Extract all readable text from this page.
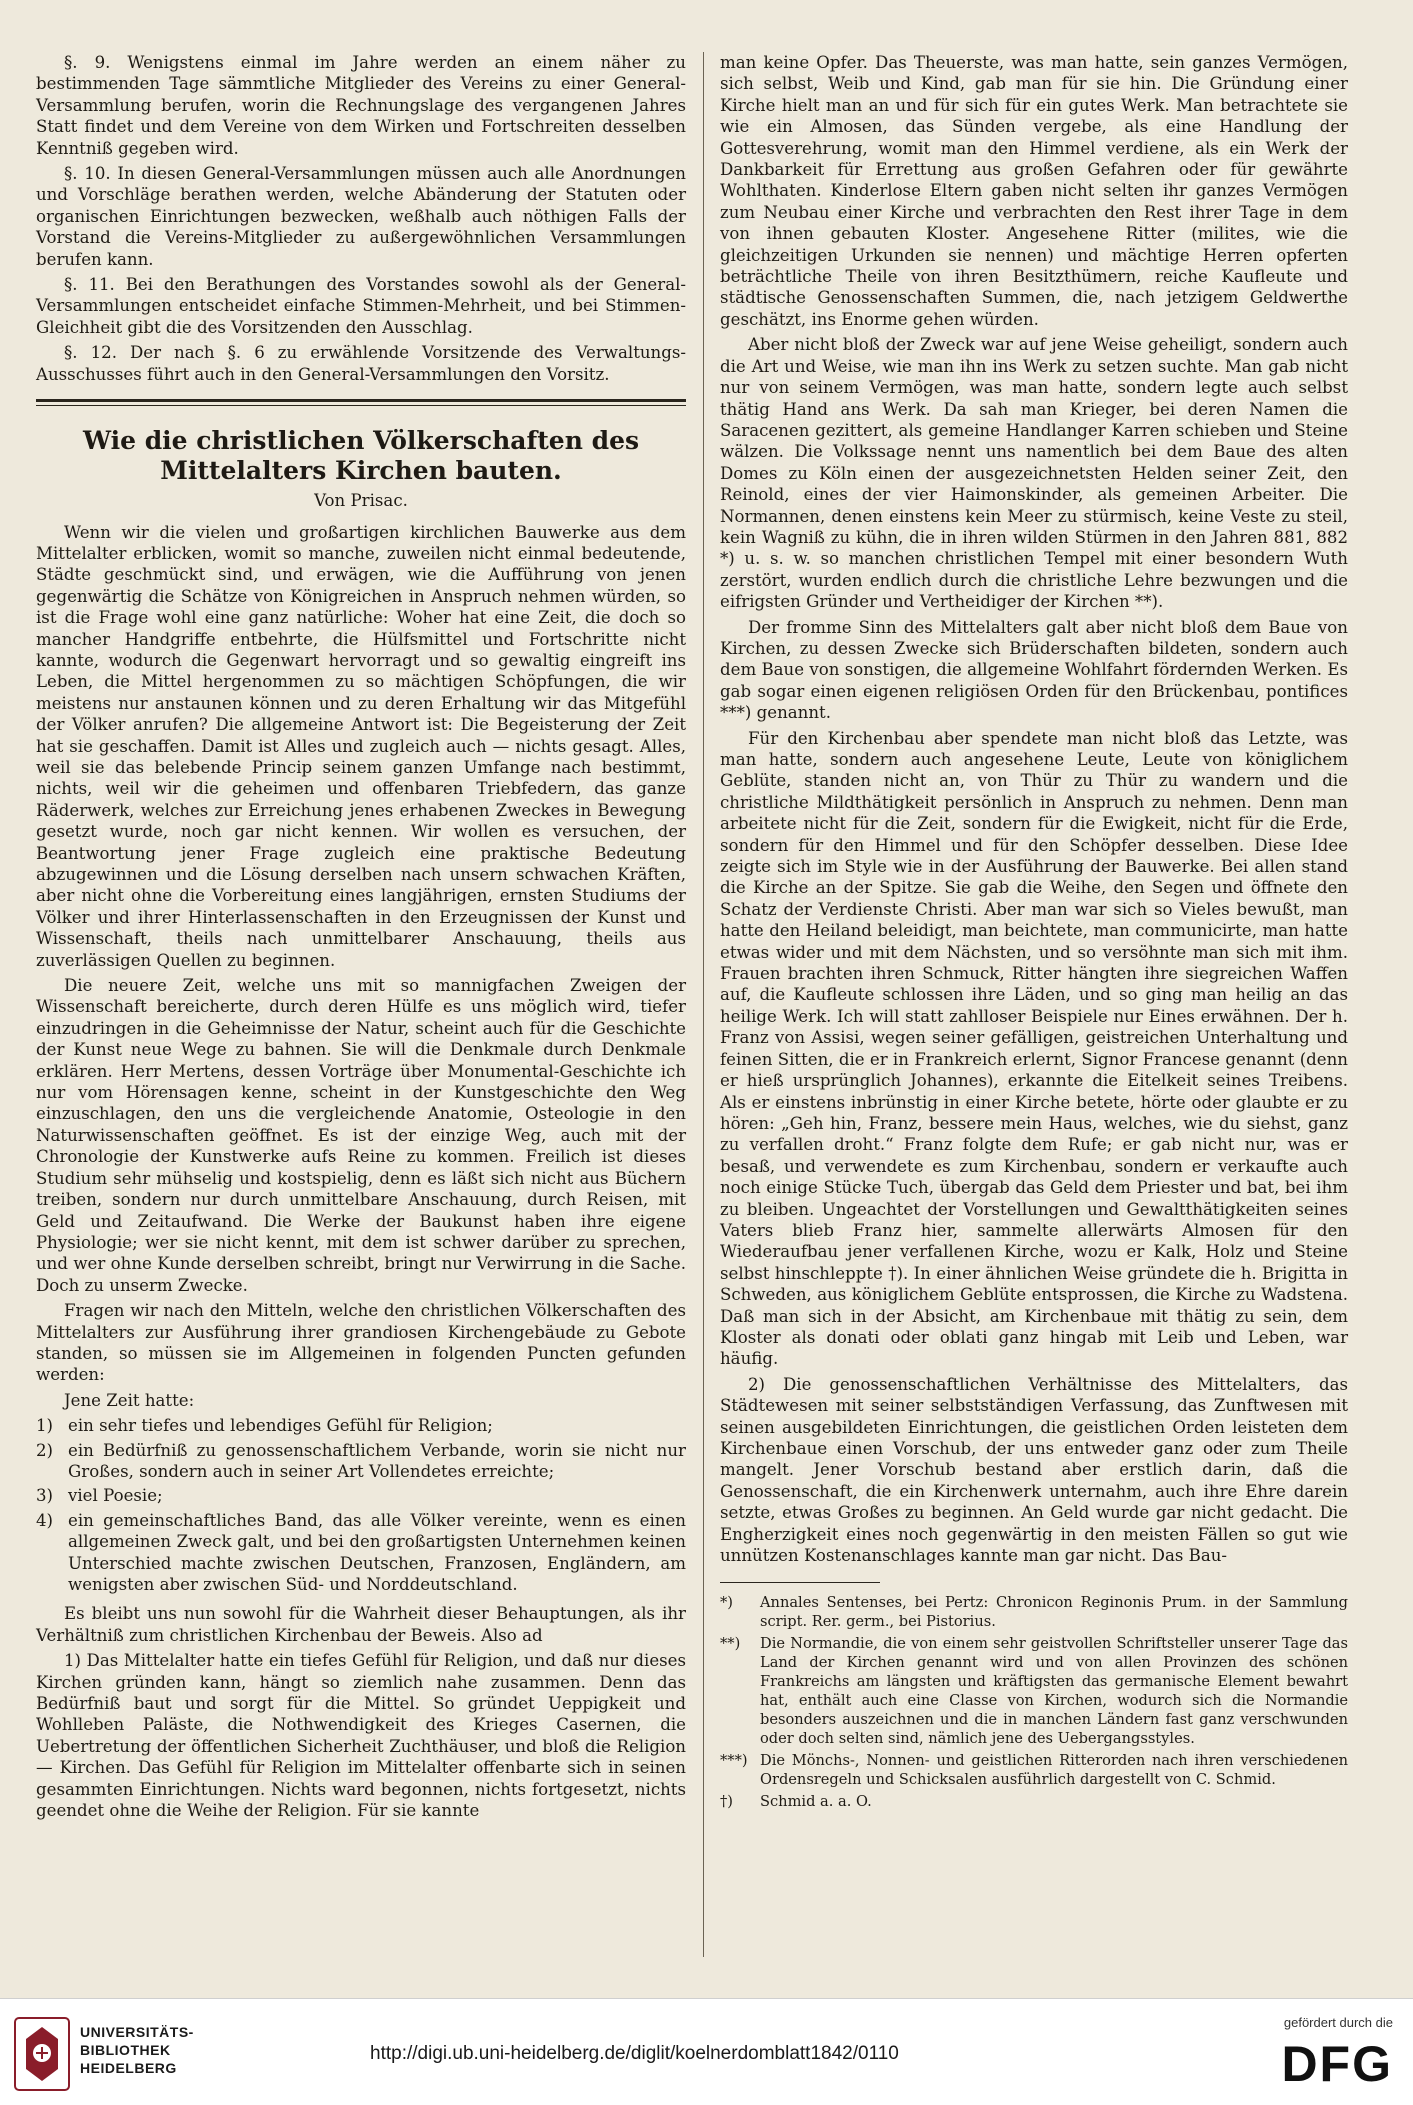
§. 9. Wenigstens einmal im Jahre werden an einem näher zu bestimmenden Tage sämmtliche Mitglieder des Vereins zu einer General-Versammlung berufen, worin die Rechnungslage des vergangenen Jahres Statt findet und dem Vereine von dem Wirken und Fortschreiten desselben Kenntniß gegeben wird.

§. 10. In diesen General-Versammlungen müssen auch alle Anordnungen und Vorschläge berathen werden, welche Abänderung der Statuten oder organischen Einrichtungen bezwecken, weßhalb auch nöthigen Falls der Vorstand die Vereins-Mitglieder zu außergewöhnlichen Versammlungen berufen kann.

§. 11. Bei den Berathungen des Vorstandes sowohl als der General-Versammlungen entscheidet einfache Stimmen-Mehrheit, und bei Stimmen-Gleichheit gibt die des Vorsitzenden den Ausschlag.

§. 12. Der nach §. 6 zu erwählende Vorsitzende des Verwaltungs-Ausschusses führt auch in den General-Versammlungen den Vorsitz.

Wie die christlichen Völkerschaften des Mittelalters Kirchen bauten.
Von Prisac.

Wenn wir die vielen und großartigen kirchlichen Bauwerke aus dem Mittelalter erblicken, womit so manche, zuweilen nicht einmal bedeutende, Städte geschmückt sind, und erwägen, wie die Aufführung von jenen gegenwärtig die Schätze von Königreichen in Anspruch nehmen würden, so ist die Frage wohl eine ganz natürliche: Woher hat eine Zeit, die doch so mancher Handgriffe entbehrte, die Hülfsmittel und Fortschritte nicht kannte, wodurch die Gegenwart hervorragt und so gewaltig eingreift ins Leben, die Mittel hergenommen zu so mächtigen Schöpfungen, die wir meistens nur anstaunen können und zu deren Erhaltung wir das Mitgefühl der Völker anrufen? Die allgemeine Antwort ist: Die Begeisterung der Zeit hat sie geschaffen. Damit ist Alles und zugleich auch — nichts gesagt. Alles, weil sie das belebende Princip seinem ganzen Umfange nach bestimmt, nichts, weil wir die geheimen und offenbaren Triebfedern, das ganze Räderwerk, welches zur Erreichung jenes erhabenen Zweckes in Bewegung gesetzt wurde, noch gar nicht kennen. Wir wollen es versuchen, der Beantwortung jener Frage zugleich eine praktische Bedeutung abzugewinnen und die Lösung derselben nach unsern schwachen Kräften, aber nicht ohne die Vorbereitung eines langjährigen, ernsten Studiums der Völker und ihrer Hinterlassenschaften in den Erzeugnissen der Kunst und Wissenschaft, theils nach unmittelbarer Anschauung, theils aus zuverlässigen Quellen zu beginnen.

Die neuere Zeit, welche uns mit so mannigfachen Zweigen der Wissenschaft bereicherte, durch deren Hülfe es uns möglich wird, tiefer einzudringen in die Geheimnisse der Natur, scheint auch für die Geschichte der Kunst neue Wege zu bahnen. Sie will die Denkmale durch Denkmale erklären. Herr Mertens, dessen Vorträge über Monumental-Geschichte ich nur vom Hörensagen kenne, scheint in der Kunstgeschichte den Weg einzuschlagen, den uns die vergleichende Anatomie, Osteologie in den Naturwissenschaften geöffnet. Es ist der einzige Weg, auch mit der Chronologie der Kunstwerke aufs Reine zu kommen. Freilich ist dieses Studium sehr mühselig und kostspielig, denn es läßt sich nicht aus Büchern treiben, sondern nur durch unmittelbare Anschauung, durch Reisen, mit Geld und Zeitaufwand. Die Werke der Baukunst haben ihre eigene Physiologie; wer sie nicht kennt, mit dem ist schwer darüber zu sprechen, und wer ohne Kunde derselben schreibt, bringt nur Verwirrung in die Sache. Doch zu unserm Zwecke.

Fragen wir nach den Mitteln, welche den christlichen Völkerschaften des Mittelalters zur Ausführung ihrer grandiosen Kirchengebäude zu Gebote standen, so müssen sie im Allgemeinen in folgenden Puncten gefunden werden:

Jene Zeit hatte:

1) ein sehr tiefes und lebendiges Gefühl für Religion;
2) ein Bedürfniß zu genossenschaftlichem Verbande, worin sie nicht nur Großes, sondern auch in seiner Art Vollendetes erreichte;
3) viel Poesie;
4) ein gemeinschaftliches Band, das alle Völker vereinte, wenn es einen allgemeinen Zweck galt, und bei den großartigsten Unternehmen keinen Unterschied machte zwischen Deutschen, Franzosen, Engländern, am wenigsten aber zwischen Süd- und Norddeutschland.

Es bleibt uns nun sowohl für die Wahrheit dieser Behauptungen, als ihr Verhältniß zum christlichen Kirchenbau der Beweis. Also ad

1) Das Mittelalter hatte ein tiefes Gefühl für Religion, und daß nur dieses Kirchen gründen kann, hängt so ziemlich nahe zusammen. Denn das Bedürfniß baut und sorgt für die Mittel. So gründet Ueppigkeit und Wohlleben Paläste, die Nothwendigkeit des Krieges Casernen, die Uebertretung der öffentlichen Sicherheit Zuchthäuser, und bloß die Religion — Kirchen. Das Gefühl für Religion im Mittelalter offenbarte sich in seinen gesammten Einrichtungen. Nichts ward begonnen, nichts fortgesetzt, nichts geendet ohne die Weihe der Religion. Für sie kannte

man keine Opfer. Das Theuerste, was man hatte, sein ganzes Vermögen, sich selbst, Weib und Kind, gab man für sie hin. Die Gründung einer Kirche hielt man an und für sich für ein gutes Werk. Man betrachtete sie wie ein Almosen, das Sünden vergebe, als eine Handlung der Gottesverehrung, womit man den Himmel verdiene, als ein Werk der Dankbarkeit für Errettung aus großen Gefahren oder für gewährte Wohlthaten. Kinderlose Eltern gaben nicht selten ihr ganzes Vermögen zum Neubau einer Kirche und verbrachten den Rest ihrer Tage in dem von ihnen gebauten Kloster. Angesehene Ritter (milites, wie die gleichzeitigen Urkunden sie nennen) und mächtige Herren opferten beträchtliche Theile von ihren Besitzthümern, reiche Kaufleute und städtische Genossenschaften Summen, die, nach jetzigem Geldwerthe geschätzt, ins Enorme gehen würden.

Aber nicht bloß der Zweck war auf jene Weise geheiligt, sondern auch die Art und Weise, wie man ihn ins Werk zu setzen suchte. Man gab nicht nur von seinem Vermögen, was man hatte, sondern legte auch selbst thätig Hand ans Werk. Da sah man Krieger, bei deren Namen die Saracenen gezittert, als gemeine Handlanger Karren schieben und Steine wälzen. Die Volkssage nennt uns namentlich bei dem Baue des alten Domes zu Köln einen der ausgezeichnetsten Helden seiner Zeit, den Reinold, eines der vier Haimonskinder, als gemeinen Arbeiter. Die Normannen, denen einstens kein Meer zu stürmisch, keine Veste zu steil, kein Wagniß zu kühn, die in ihren wilden Stürmen in den Jahren 881, 882 *) u. s. w. so manchen christlichen Tempel mit einer besondern Wuth zerstört, wurden endlich durch die christliche Lehre bezwungen und die eifrigsten Gründer und Vertheidiger der Kirchen **).

Der fromme Sinn des Mittelalters galt aber nicht bloß dem Baue von Kirchen, zu dessen Zwecke sich Brüderschaften bildeten, sondern auch dem Baue von sonstigen, die allgemeine Wohlfahrt fördernden Werken. Es gab sogar einen eigenen religiösen Orden für den Brückenbau, pontifices ***) genannt.

Für den Kirchenbau aber spendete man nicht bloß das Letzte, was man hatte, sondern auch angesehene Leute, Leute von königlichem Geblüte, standen nicht an, von Thür zu Thür zu wandern und die christliche Mildthätigkeit persönlich in Anspruch zu nehmen. Denn man arbeitete nicht für die Zeit, sondern für die Ewigkeit, nicht für die Erde, sondern für den Himmel und für den Schöpfer desselben. Diese Idee zeigte sich im Style wie in der Ausführung der Bauwerke. Bei allen stand die Kirche an der Spitze. Sie gab die Weihe, den Segen und öffnete den Schatz der Verdienste Christi. Aber man war sich so Vieles bewußt, man hatte den Heiland beleidigt, man beichtete, man communicirte, man hatte etwas wider und mit dem Nächsten, und so versöhnte man sich mit ihm. Frauen brachten ihren Schmuck, Ritter hängten ihre siegreichen Waffen auf, die Kaufleute schlossen ihre Läden, und so ging man heilig an das heilige Werk. Ich will statt zahlloser Beispiele nur Eines erwähnen. Der h. Franz von Assisi, wegen seiner gefälligen, geistreichen Unterhaltung und feinen Sitten, die er in Frankreich erlernt, Signor Francese genannt (denn er hieß ursprünglich Johannes), erkannte die Eitelkeit seines Treibens. Als er einstens inbrünstig in einer Kirche betete, hörte oder glaubte er zu hören: „Geh hin, Franz, bessere mein Haus, welches, wie du siehst, ganz zu verfallen droht.“ Franz folgte dem Rufe; er gab nicht nur, was er besaß, und verwendete es zum Kirchenbau, sondern er verkaufte auch noch einige Stücke Tuch, übergab das Geld dem Priester und bat, bei ihm zu bleiben. Ungeachtet der Vorstellungen und Gewaltthätigkeiten seines Vaters blieb Franz hier, sammelte allerwärts Almosen für den Wiederaufbau jener verfallenen Kirche, wozu er Kalk, Holz und Steine selbst hinschleppte †). In einer ähnlichen Weise gründete die h. Brigitta in Schweden, aus königlichem Geblüte entsprossen, die Kirche zu Wadstena. Daß man sich in der Absicht, am Kirchenbaue mit thätig zu sein, dem Kloster als donati oder oblati ganz hingab mit Leib und Leben, war häufig.

2) Die genossenschaftlichen Verhältnisse des Mittelalters, das Städtewesen mit seiner selbstständigen Verfassung, das Zunftwesen mit seinen ausgebildeten Einrichtungen, die geistlichen Orden leisteten dem Kirchenbaue einen Vorschub, der uns entweder ganz oder zum Theile mangelt. Jener Vorschub bestand aber erstlich darin, daß die Genossenschaft, die ein Kirchenwerk unternahm, auch ihre Ehre darein setzte, etwas Großes zu beginnen. An Geld wurde gar nicht gedacht. Die Engherzigkeit eines noch gegenwärtig in den meisten Fällen so gut wie unnützen Kostenanschlages kannte man gar nicht. Das Bau-

*)	Annales Sentenses, bei Pertz: Chronicon Reginonis Prum. in der Sammlung script. Rer. germ., bei Pistorius.
**)	Die Normandie, die von einem sehr geistvollen Schriftsteller unserer Tage das Land der Kirchen genannt wird und von allen Provinzen des schönen Frankreichs am längsten und kräftigsten das germanische Element bewahrt hat, enthält auch eine Classe von Kirchen, wodurch sich die Normandie besonders auszeichnen und die in manchen Ländern fast ganz verschwunden oder doch selten sind, nämlich jene des Uebergangsstyles.
***) Die Mönchs-, Nonnen- und geistlichen Ritterorden nach ihren verschiedenen Ordensregeln und Schicksalen ausführlich dargestellt von C. Schmid.
†)	Schmid a. a. O.
UNIVERSITÄTS-
BIBLIOTHEK
HEIDELBERG
http://digi.ub.uni-heidelberg.de/diglit/koelnerdomblatt1842/0110
gefördert durch die
DFG
